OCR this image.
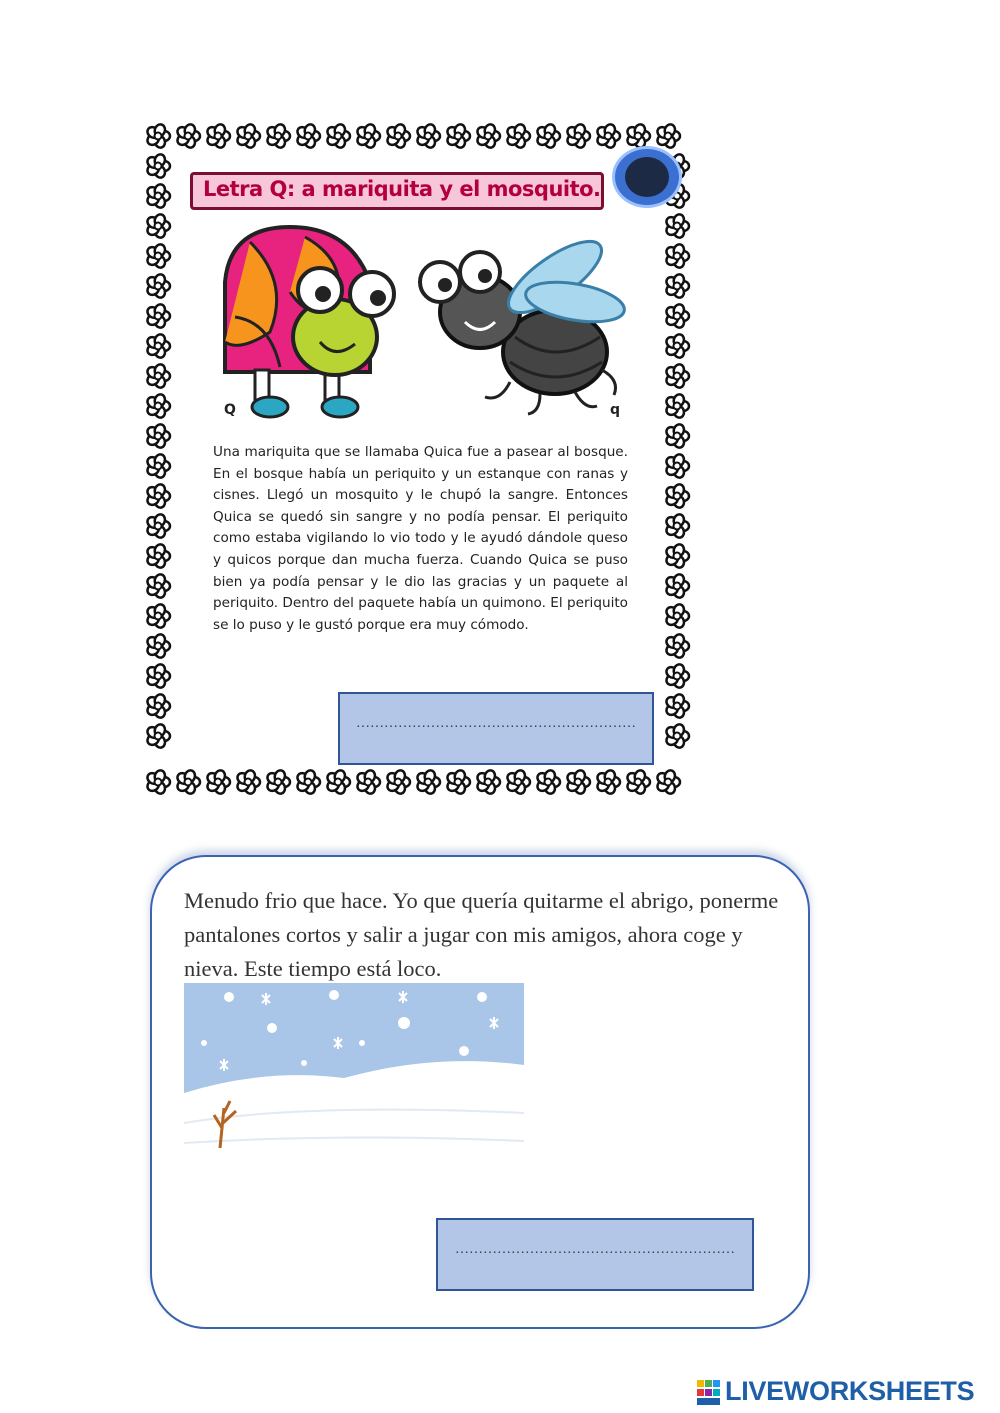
Letra Q: a mariquita y el mosquito.
Q	q
Una mariquita que se llamaba Quica fue a pasear al bosque. En el bosque había un periquito y un estanque con ranas y cisnes. Llegó un mosquito y le chupó la sangre. Entonces Quica se quedó sin sangre y no podía pensar. El periquito como estaba vigilando lo vio todo y le ayudó dándole queso y quicos porque dan mucha fuerza. Cuando Quica se puso bien ya podía pensar y le dio las gracias y un paquete al periquito. Dentro del paquete había un quimono. El periquito se lo puso y le gustó porque era muy cómodo.
……………………………………………………
Menudo frio que hace. Yo que quería quitarme el abrigo, ponerme pantalones cortos y salir a jugar con mis amigos, ahora coge y nieva. Este tiempo está loco.
……………………………………………………
LIVEWORKSHEETS
